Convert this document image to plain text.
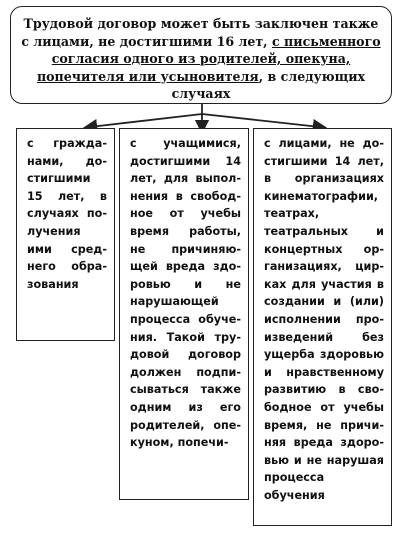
Трудовой договор может быть заключен также с лицами, не достигшими 16 лет, с письменного согласия одного из родителей, опекуна, попечителя или усыновителя, в следующих случаях
с граждaнами, достигшими 15 лет, в случаях получения ими среднего образования
с учащимися, достигшими 14 лет, для выполнения в свободное от учебы время работы, не причиняющей вреда здоровью и не нарушающей процесса обучения. Такой трудовой договор должен подписываться также одним из его родителей, опекуном, попечи-
с лицами, не достигшими 14 лет, в организациях кинематографии, театрах, театральных и концертных организациях, цирках для участия в создании и (или) исполнении произведений без ущерба здоровью и нравственному развитию в свободное от учебы время, не причиняя вреда здоровью и не нарушая процесса обучения
